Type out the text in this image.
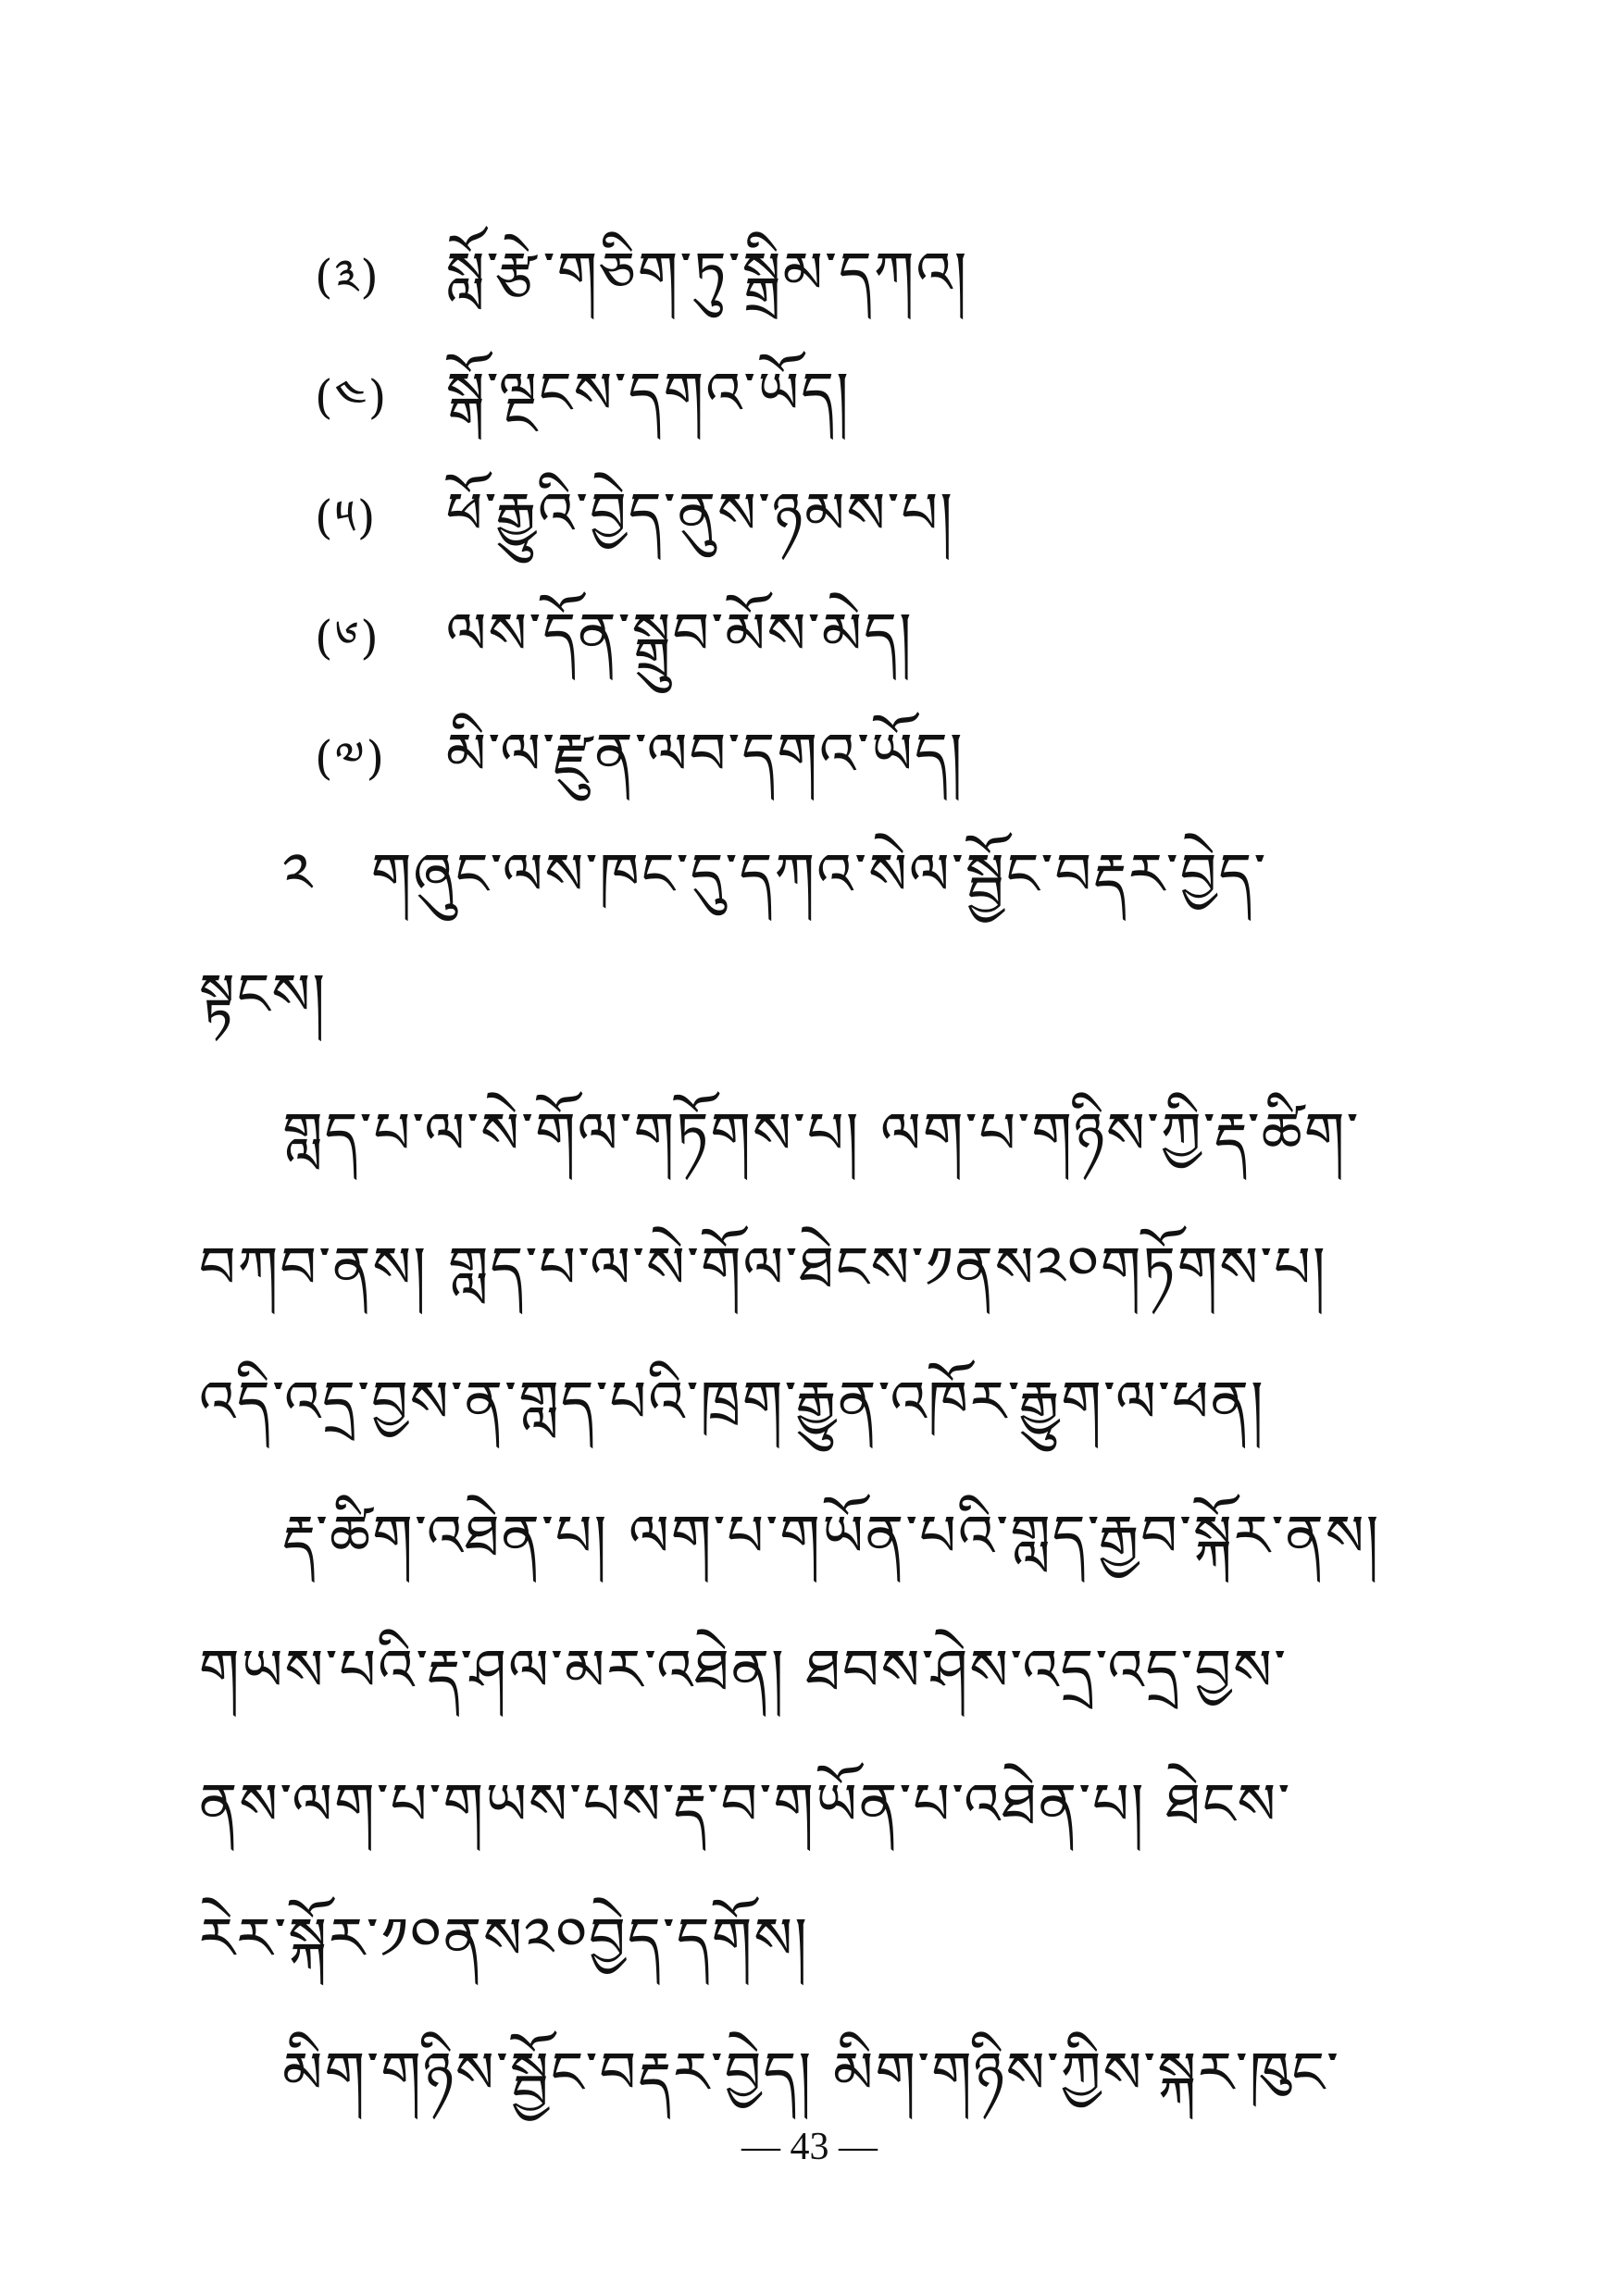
(༣) སློ་རྩེ་གཅིག་ཏུ་སྒྲིམ་དཀའ།
(༤) སྒོ་ལྔངས་དགའ་ཡོད།
(༥) ཕོ་རྒྱུའི་བྱེད་ནུས་ཉམས་པ།
(༦) ལས་དོན་སྒྲུབ་མོས་མེད།
(༧) མི་ལ་རྫུན་ལབ་དགའ་ཡོད།
༢ གཞུང་ལས་ཁང་དུ་དཀའ་སེལ་སྦྱོང་བརྡར་བྱེད་
སྟངས།
གླད་པ་ལ་སེ་གོལ་གཏོགས་པ། ལག་པ་གཉིས་ཀྱི་རྡ་ཚིག་
བཀབ་ནས། གླད་པ་ལ་སེ་གོལ་ཐེངས་༡ནས༢༠གཏོགས་པ།
འདི་འདྲ་བྱས་ན་གླད་པའི་ཁྲག་རྒྱུན་འཁོར་རྒྱུག་ལ་ཕན།
རྡ་ཚིག་འཐེན་པ། ལག་པ་གཡོན་པའི་གླད་རྒྱབ་སྐོར་ནས།
གཡས་པའི་རྡ་ཤལ་མར་འཐེན། ཐབས་ཤེས་འདྲ་འདྲ་བྱས་
ནས་ལག་པ་གཡས་པས་རྡ་བ་གཡོན་པ་འཐེན་པ། ཐེངས་
རེར་སྐོར་༡༠ནས༢༠བྱེད་དགོས།
མིག་གཉིས་སྦྱོང་བརྡར་བྱེད། མིག་གཉིས་ཀྱིས་སྐར་ཁུང་
— 43 —
